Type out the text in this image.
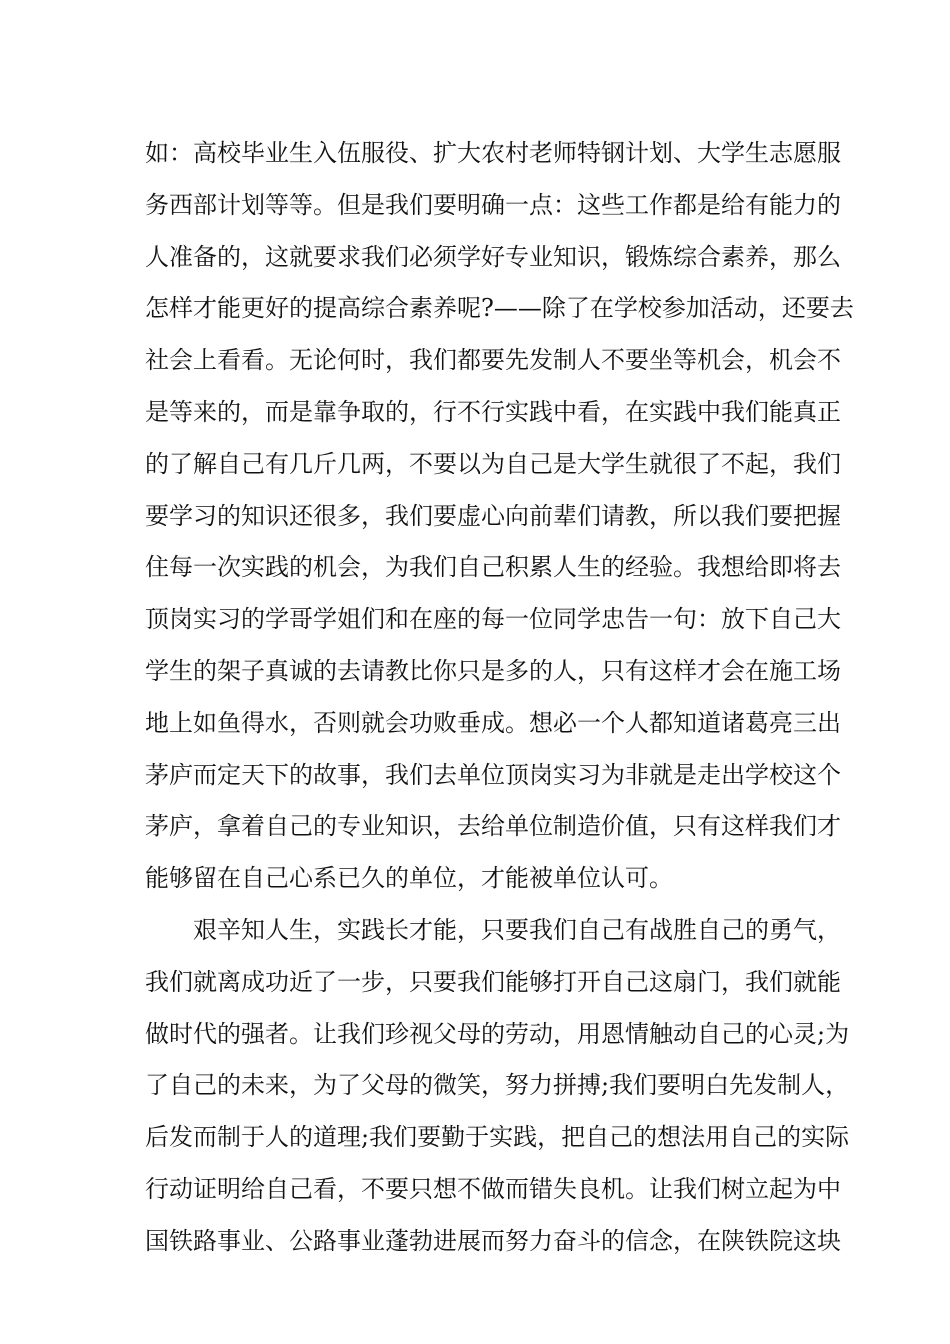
如：高校毕业生入伍服役、扩大农村老师特钢计划、大学生志愿服
务西部计划等等。但是我们要明确一点：这些工作都是给有能力的
人准备的，这就要求我们必须学好专业知识，锻炼综合素养，那么
怎样才能更好的提高综合素养呢?——除了在学校参加活动，还要去
社会上看看。无论何时，我们都要先发制人不要坐等机会，机会不
是等来的，而是靠争取的，行不行实践中看，在实践中我们能真正
的了解自己有几斤几两，不要以为自己是大学生就很了不起，我们
要学习的知识还很多，我们要虚心向前辈们请教，所以我们要把握
住每一次实践的机会，为我们自己积累人生的经验。我想给即将去
顶岗实习的学哥学姐们和在座的每一位同学忠告一句：放下自己大
学生的架子真诚的去请教比你只是多的人，只有这样才会在施工场
地上如鱼得水，否则就会功败垂成。想必一个人都知道诸葛亮三出
茅庐而定天下的故事，我们去单位顶岗实习为非就是走出学校这个
茅庐，拿着自己的专业知识，去给单位制造价值，只有这样我们才
能够留在自己心系已久的单位，才能被单位认可。
艰辛知人生，实践长才能，只要我们自己有战胜自己的勇气，
我们就离成功近了一步，只要我们能够打开自己这扇门，我们就能
做时代的强者。让我们珍视父母的劳动，用恩情触动自己的心灵;为
了自己的未来，为了父母的微笑，努力拼搏;我们要明白先发制人，
后发而制于人的道理;我们要勤于实践，把自己的想法用自己的实际
行动证明给自己看，不要只想不做而错失良机。让我们树立起为中
国铁路事业、公路事业蓬勃进展而努力奋斗的信念，在陕铁院这块
